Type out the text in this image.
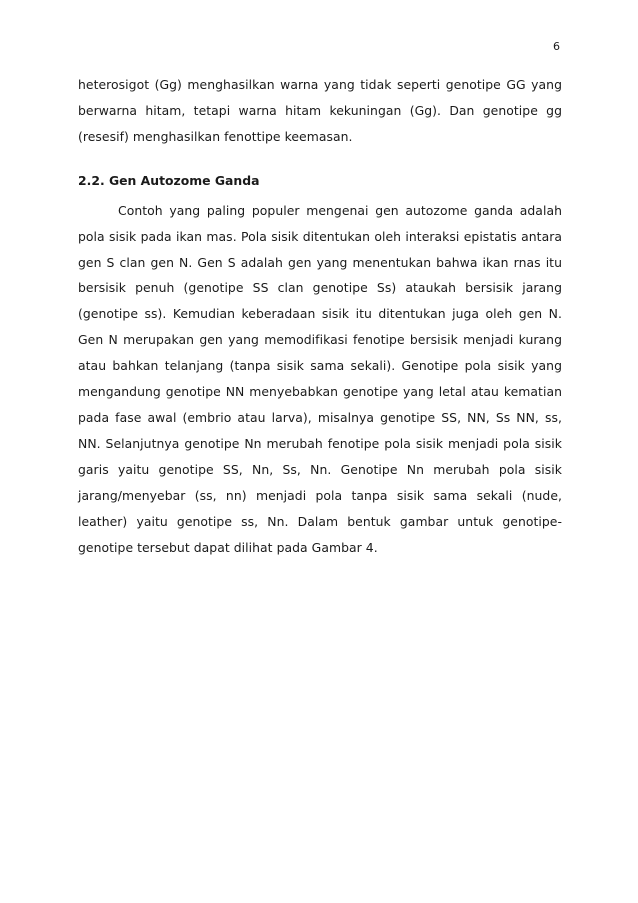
6

heterosigot (Gg) menghasilkan warna yang tidak seperti genotipe GG yang berwarna hitam, tetapi warna hitam kekuningan (Gg). Dan genotipe gg (resesif) menghasilkan fenottipe keemasan.

2.2. Gen Autozome Ganda

Contoh yang paling populer mengenai gen autozome ganda adalah pola sisik pada ikan mas. Pola sisik ditentukan oleh interaksi epistatis antara gen S clan gen N. Gen S adalah gen yang menentukan bahwa ikan rnas itu bersisik penuh (genotipe SS clan genotipe Ss) ataukah bersisik jarang (genotipe ss). Kemudian keberadaan sisik itu ditentukan juga oleh gen N. Gen N merupakan gen yang memodifikasi fenotipe bersisik menjadi kurang atau bahkan telanjang (tanpa sisik sama sekali). Genotipe pola sisik yang mengandung genotipe NN menyebabkan genotipe yang letal atau kematian pada fase awal (embrio atau larva), misalnya genotipe SS, NN, Ss NN, ss, NN. Selanjutnya genotipe Nn merubah fenotipe pola sisik menjadi pola sisik garis yaitu genotipe SS, Nn, Ss, Nn. Genotipe Nn merubah pola sisik jarang/menyebar (ss, nn) menjadi pola tanpa sisik sama sekali (nude, leather) yaitu genotipe ss, Nn. Dalam bentuk gambar untuk genotipe-genotipe tersebut dapat dilihat pada Gambar 4.
